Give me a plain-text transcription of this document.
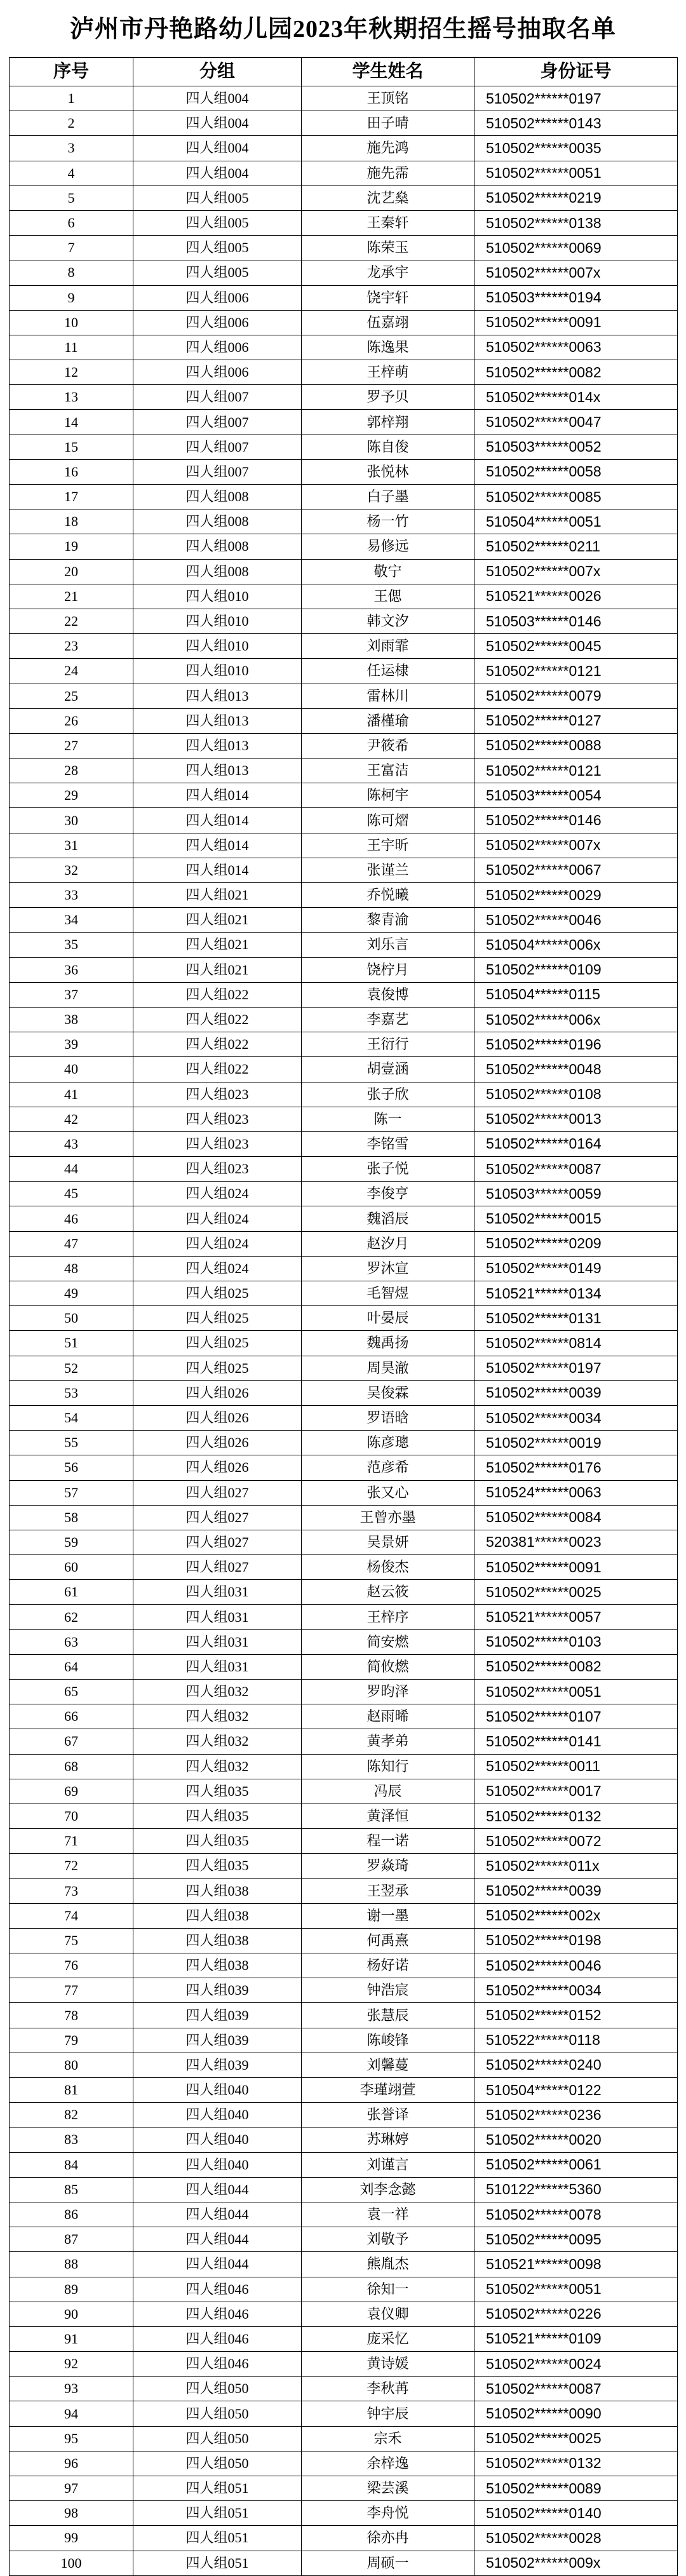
泸州市丹艳路幼儿园2023年秋期招生摇号抽取名单
序号	分组	学生姓名	身份证号
1	四人组004	王顶铭	510502******0197
2	四人组004	田子晴	510502******0143
3	四人组004	施先鸿	510502******0035
4	四人组004	施先霈	510502******0051
5	四人组005	沈艺燊	510502******0219
6	四人组005	王秦轩	510502******0138
7	四人组005	陈荣玉	510502******0069
8	四人组005	龙承宇	510502******007x
9	四人组006	饶宇轩	510503******0194
10	四人组006	伍嘉翊	510502******0091
11	四人组006	陈逸果	510502******0063
12	四人组006	王梓萌	510502******0082
13	四人组007	罗予贝	510502******014x
14	四人组007	郭梓翔	510502******0047
15	四人组007	陈自俊	510503******0052
16	四人组007	张悦林	510502******0058
17	四人组008	白子墨	510502******0085
18	四人组008	杨一竹	510504******0051
19	四人组008	易修远	510502******0211
20	四人组008	敬宁	510502******007x
21	四人组010	王偲	510521******0026
22	四人组010	韩文汐	510503******0146
23	四人组010	刘雨霏	510502******0045
24	四人组010	任运棣	510502******0121
25	四人组013	雷林川	510502******0079
26	四人组013	潘槿瑜	510502******0127
27	四人组013	尹筱希	510502******0088
28	四人组013	王富洁	510502******0121
29	四人组014	陈柯宇	510503******0054
30	四人组014	陈可熠	510502******0146
31	四人组014	王宇昕	510502******007x
32	四人组014	张谨兰	510502******0067
33	四人组021	乔悦曦	510502******0029
34	四人组021	黎青渝	510502******0046
35	四人组021	刘乐言	510504******006x
36	四人组021	饶柠月	510502******0109
37	四人组022	袁俊博	510504******0115
38	四人组022	李嘉艺	510502******006x
39	四人组022	王衍行	510502******0196
40	四人组022	胡壹涵	510502******0048
41	四人组023	张子欣	510502******0108
42	四人组023	陈一	510502******0013
43	四人组023	李铭雪	510502******0164
44	四人组023	张子悦	510502******0087
45	四人组024	李俊亨	510503******0059
46	四人组024	魏滔辰	510502******0015
47	四人组024	赵汐月	510502******0209
48	四人组024	罗沐宣	510502******0149
49	四人组025	毛智煜	510521******0134
50	四人组025	叶晏辰	510502******0131
51	四人组025	魏禹扬	510502******0814
52	四人组025	周昊澈	510502******0197
53	四人组026	吴俊霖	510502******0039
54	四人组026	罗语晗	510502******0034
55	四人组026	陈彦璁	510502******0019
56	四人组026	范彦希	510502******0176
57	四人组027	张又心	510524******0063
58	四人组027	王曾亦墨	510502******0084
59	四人组027	吴景妍	520381******0023
60	四人组027	杨俊杰	510502******0091
61	四人组031	赵云筱	510502******0025
62	四人组031	王梓序	510521******0057
63	四人组031	简安燃	510502******0103
64	四人组031	简攸燃	510502******0082
65	四人组032	罗昀泽	510502******0051
66	四人组032	赵雨晞	510502******0107
67	四人组032	黄孝弟	510502******0141
68	四人组032	陈知行	510502******0011
69	四人组035	冯辰	510502******0017
70	四人组035	黄泽恒	510502******0132
71	四人组035	程一诺	510502******0072
72	四人组035	罗焱琦	510502******011x
73	四人组038	王翌承	510502******0039
74	四人组038	谢一墨	510502******002x
75	四人组038	何禹熹	510502******0198
76	四人组038	杨好诺	510502******0046
77	四人组039	钟浩宸	510502******0034
78	四人组039	张慧辰	510502******0152
79	四人组039	陈峻锋	510522******0118
80	四人组039	刘馨蔓	510502******0240
81	四人组040	李瑾翊萱	510504******0122
82	四人组040	张誉译	510502******0236
83	四人组040	苏琳婷	510502******0020
84	四人组040	刘谨言	510502******0061
85	四人组044	刘李念懿	510122******5360
86	四人组044	袁一祥	510502******0078
87	四人组044	刘敬予	510502******0095
88	四人组044	熊胤杰	510521******0098
89	四人组046	徐知一	510502******0051
90	四人组046	袁仪卿	510502******0226
91	四人组046	庞采忆	510521******0109
92	四人组046	黄诗媛	510502******0024
93	四人组050	李秋苒	510502******0087
94	四人组050	钟宇辰	510502******0090
95	四人组050	宗禾	510502******0025
96	四人组050	余梓逸	510502******0132
97	四人组051	梁芸溪	510502******0089
98	四人组051	李舟悦	510502******0140
99	四人组051	徐亦冉	510502******0028
100	四人组051	周硕一	510502******009x
